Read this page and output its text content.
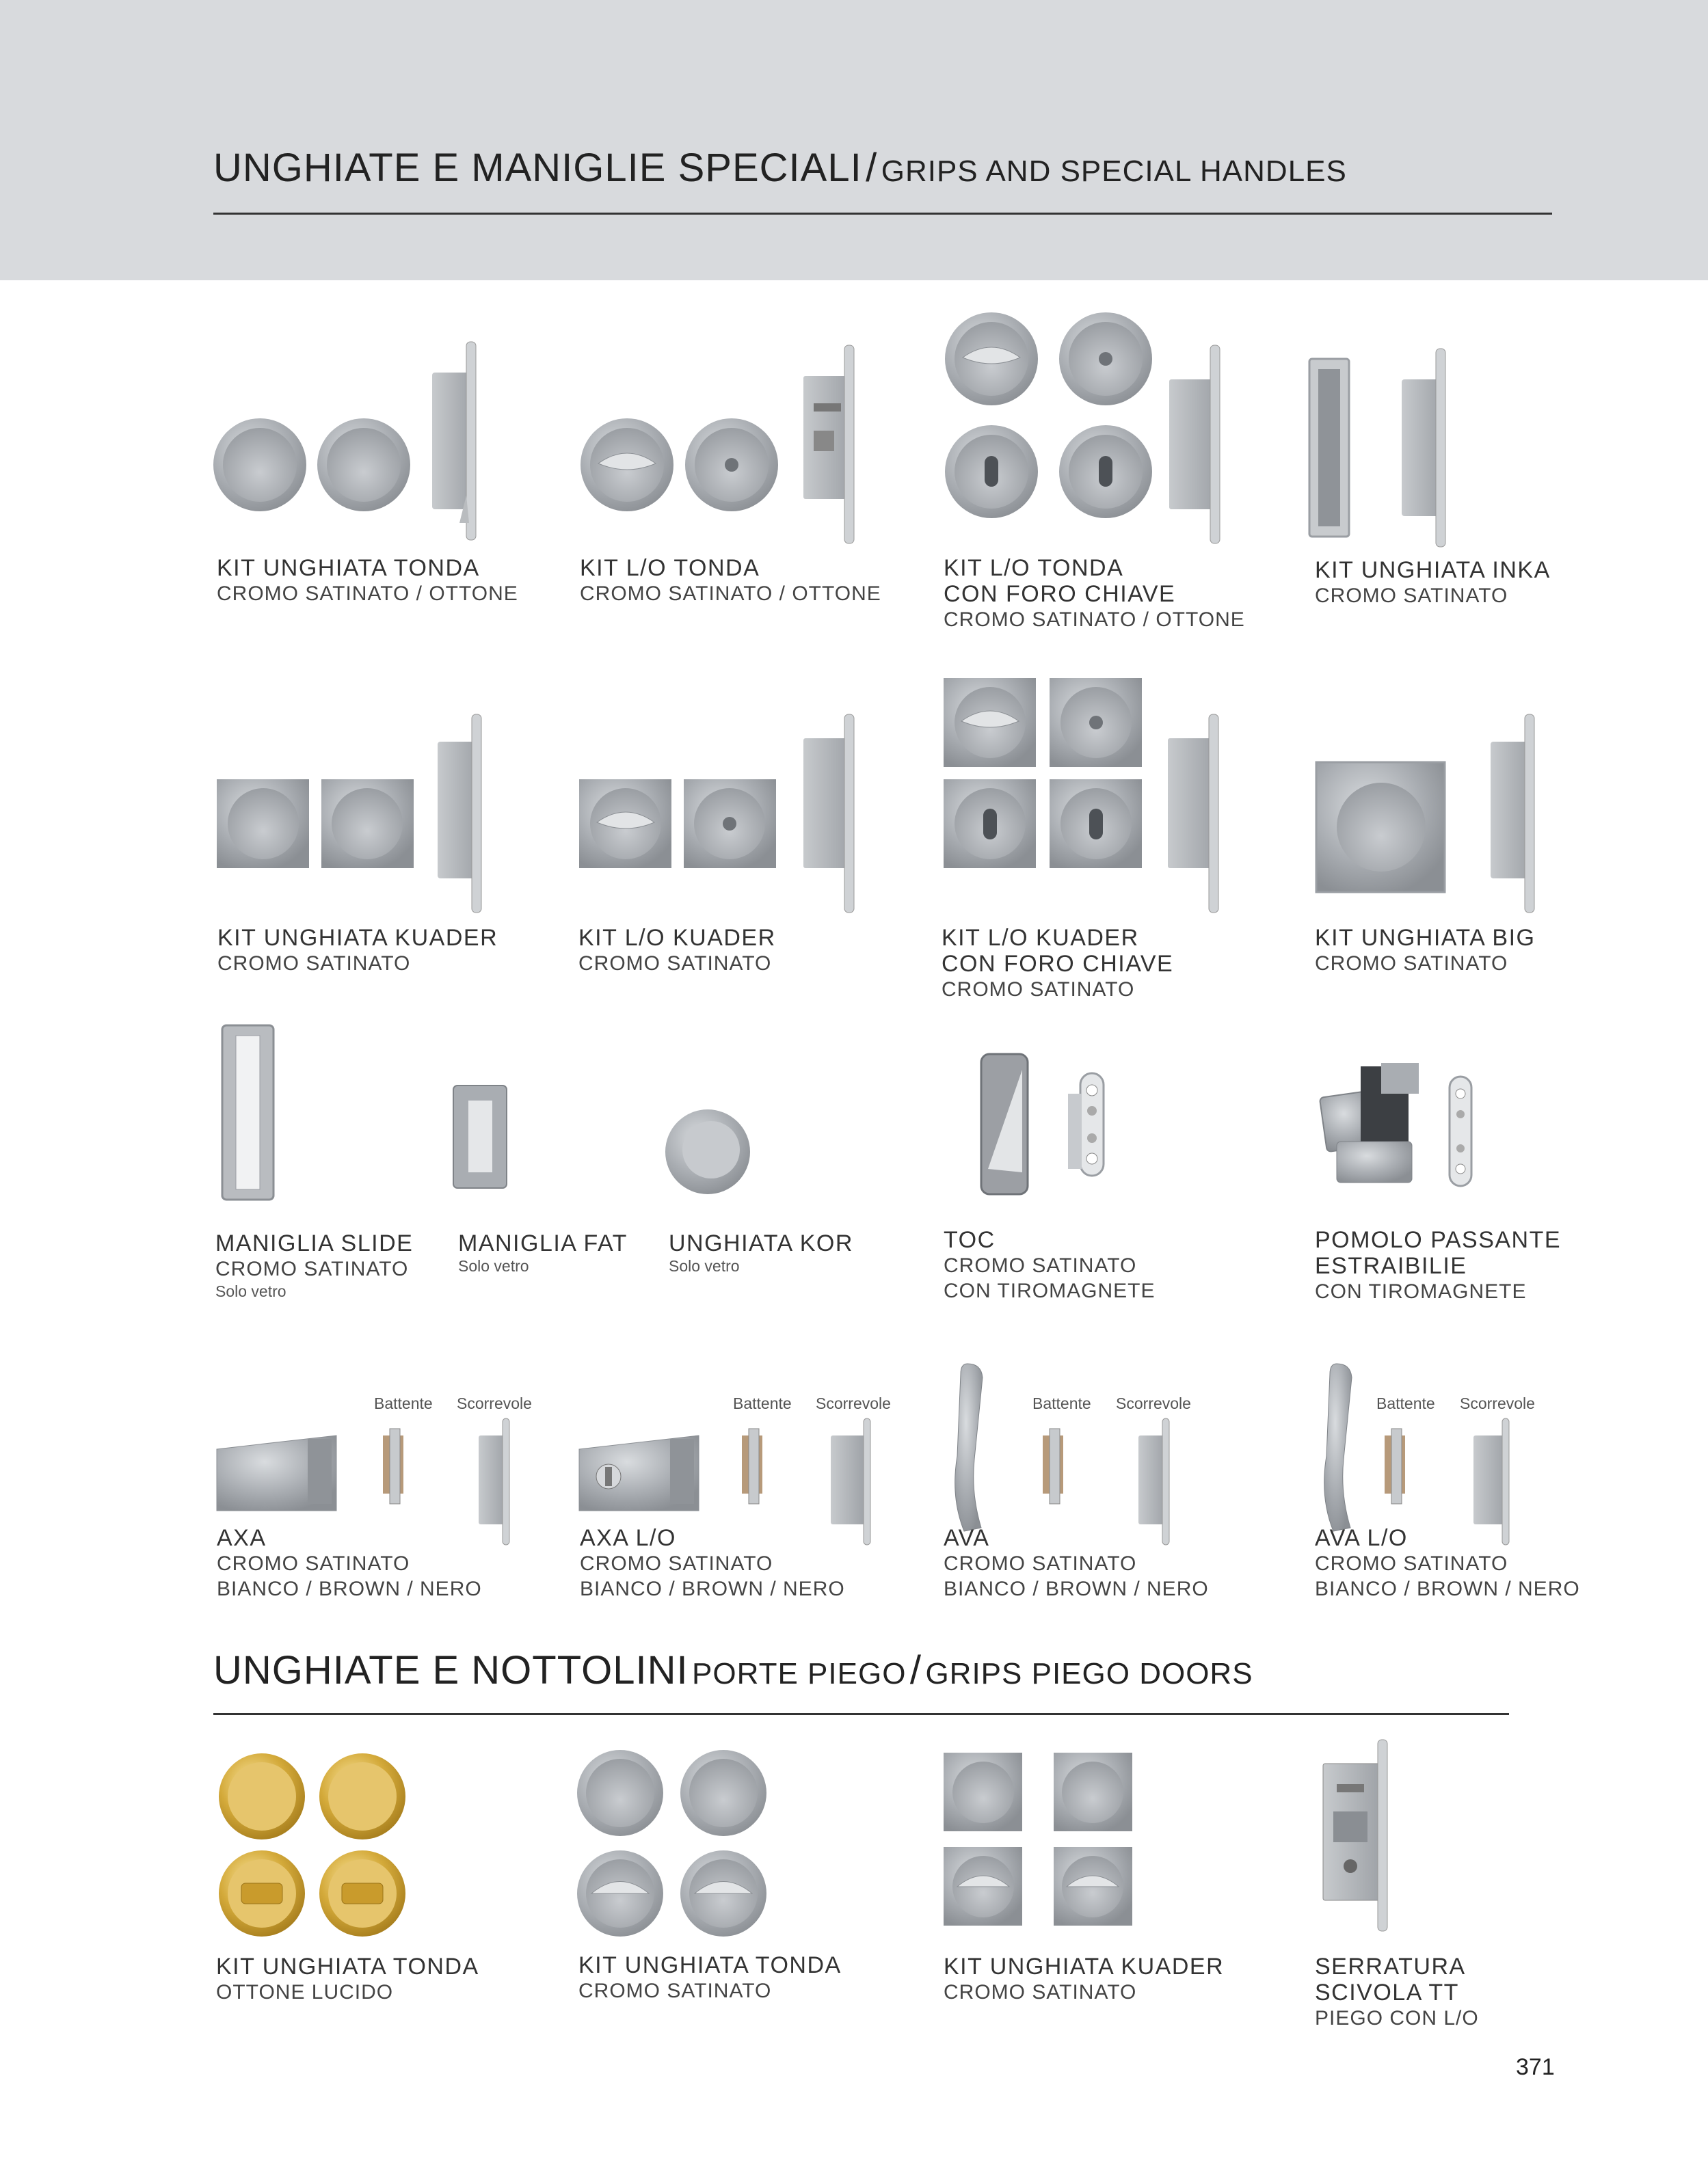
UNGHIATE E MANIGLIE SPECIALI / GRIPS AND SPECIAL HANDLES
Battente Scorrevole	Battente Scorrevole	Battente Scorrevole	Battente Scorrevole
UNGHIATE E NOTTOLINI PORTE PIEGO / GRIPS PIEGO DOORS
KIT UNGHIATA TONDA
CROMO SATINATO / OTTONE
KIT L/O TONDA
CROMO SATINATO / OTTONE
KIT L/O TONDA
CON FORO CHIAVE
CROMO SATINATO / OTTONE
KIT UNGHIATA INKA
CROMO SATINATO
KIT UNGHIATA KUADER
CROMO SATINATO
KIT L/O KUADER
CROMO SATINATO
KIT L/O KUADER
CON FORO CHIAVE
CROMO SATINATO
KIT UNGHIATA BIG
CROMO SATINATO
MANIGLIA SLIDE
CROMO SATINATO
Solo vetro
MANIGLIA FAT
Solo vetro
UNGHIATA KOR
Solo vetro
TOC
CROMO SATINATO
CON TIROMAGNETE
POMOLO PASSANTE
ESTRAIBILIE
CON TIROMAGNETE
AXA
CROMO SATINATO
BIANCO / BROWN / NERO
AXA L/O
CROMO SATINATO
BIANCO / BROWN / NERO
AVA
CROMO SATINATO
BIANCO / BROWN / NERO
AVA L/O
CROMO SATINATO
BIANCO / BROWN / NERO
KIT UNGHIATA TONDA
OTTONE LUCIDO
KIT UNGHIATA TONDA
CROMO SATINATO
KIT UNGHIATA KUADER
CROMO SATINATO
SERRATURA
SCIVOLA TT
PIEGO CON L/O
371
